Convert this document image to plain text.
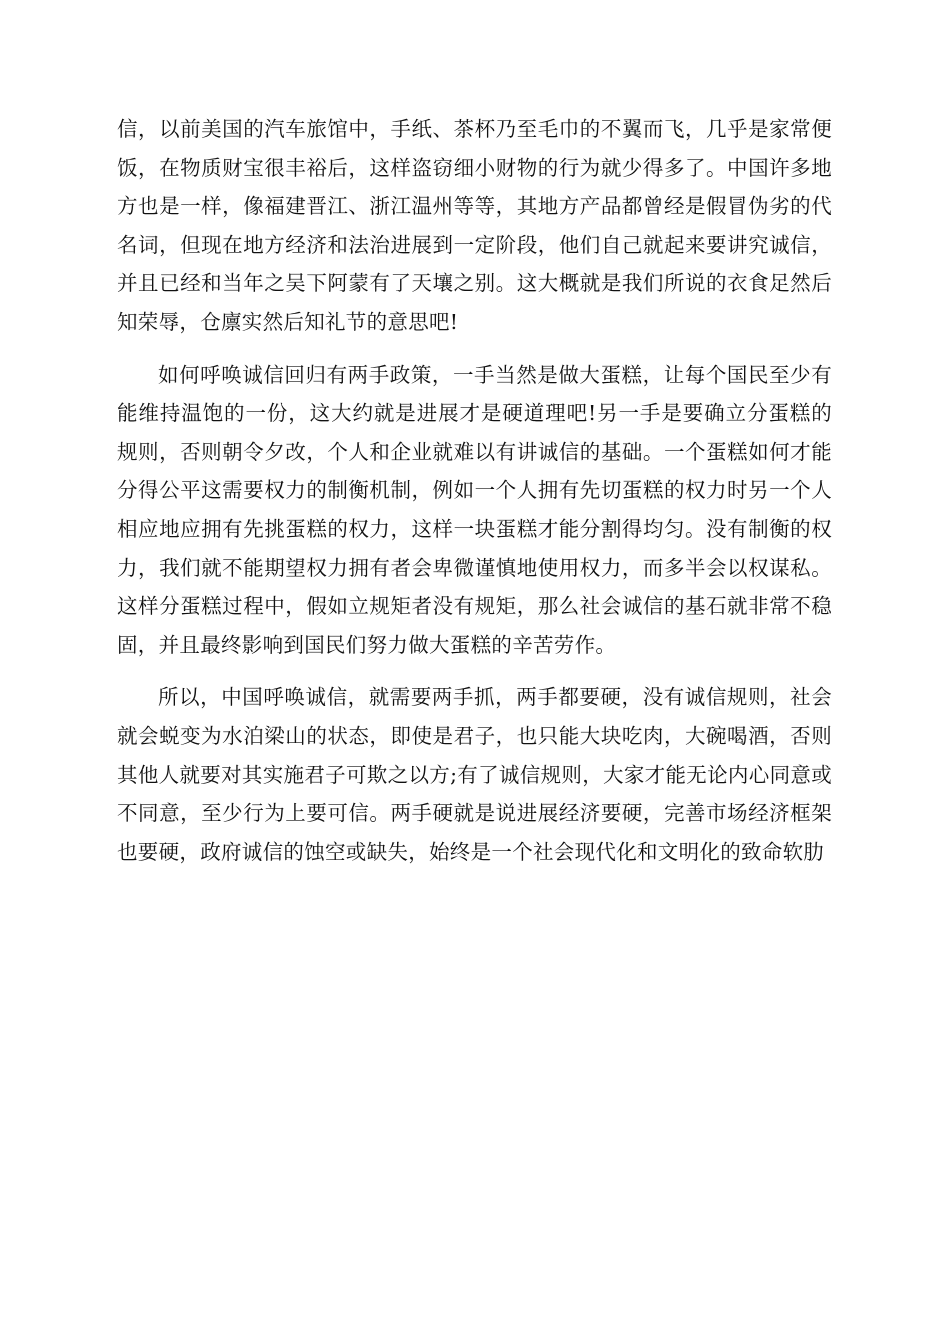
信，以前美国的汽车旅馆中，手纸、茶杯乃至毛巾的不翼而飞，几乎是家常便饭，在物质财宝很丰裕后，这样盗窃细小财物的行为就少得多了。中国许多地方也是一样，像福建晋江、浙江温州等等，其地方产品都曾经是假冒伪劣的代名词，但现在地方经济和法治进展到一定阶段，他们自己就起来要讲究诚信，并且已经和当年之吴下阿蒙有了天壤之别。这大概就是我们所说的衣食足然后知荣辱，仓廪实然后知礼节的意思吧!

如何呼唤诚信回归有两手政策，一手当然是做大蛋糕，让每个国民至少有能维持温饱的一份，这大约就是进展才是硬道理吧!另一手是要确立分蛋糕的规则，否则朝令夕改，个人和企业就难以有讲诚信的基础。一个蛋糕如何才能分得公平这需要权力的制衡机制，例如一个人拥有先切蛋糕的权力时另一个人相应地应拥有先挑蛋糕的权力，这样一块蛋糕才能分割得均匀。没有制衡的权力，我们就不能期望权力拥有者会卑微谨慎地使用权力，而多半会以权谋私。这样分蛋糕过程中，假如立规矩者没有规矩，那么社会诚信的基石就非常不稳固，并且最终影响到国民们努力做大蛋糕的辛苦劳作。

所以，中国呼唤诚信，就需要两手抓，两手都要硬，没有诚信规则，社会就会蜕变为水泊梁山的状态，即使是君子，也只能大块吃肉，大碗喝酒，否则其他人就要对其实施君子可欺之以方;有了诚信规则，大家才能无论内心同意或不同意，至少行为上要可信。两手硬就是说进展经济要硬，完善市场经济框架也要硬，政府诚信的蚀空或缺失，始终是一个社会现代化和文明化的致命软肋
